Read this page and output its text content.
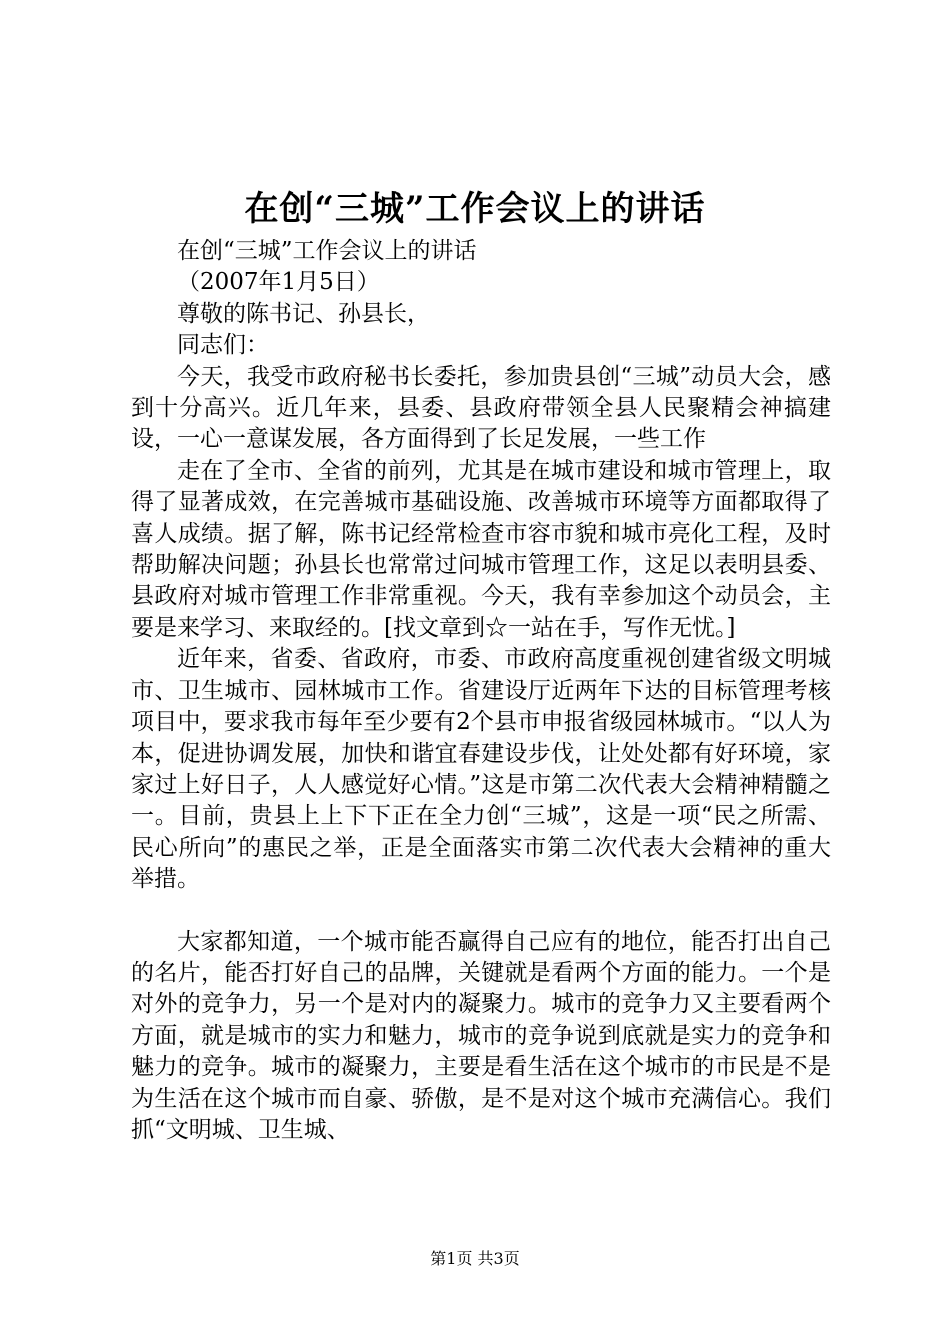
在创“三城”工作会议上的讲话

在创“三城”工作会议上的讲话

（2007年1月5日）

尊敬的陈书记、孙县长，

同志们：

今天，我受市政府秘书长委托，参加贵县创“三城”动员大会，感到十分高兴。近几年来，县委、县政府带领全县人民聚精会神搞建设，一心一意谋发展，各方面得到了长足发展，一些工作

走在了全市、全省的前列，尤其是在城市建设和城市管理上，取得了显著成效，在完善城市基础设施、改善城市环境等方面都取得了喜人成绩。据了解，陈书记经常检查市容市貌和城市亮化工程，及时帮助解决问题；孙县长也常常过问城市管理工作，这足以表明县委、县政府对城市管理工作非常重视。今天，我有幸参加这个动员会，主要是来学习、来取经的。[找文章到☆一站在手，写作无忧。]

近年来，省委、省政府，市委、市政府高度重视创建省级文明城市、卫生城市、园林城市工作。省建设厅近两年下达的目标管理考核项目中，要求我市每年至少要有2个县市申报省级园林城市。“以人为本，促进协调发展，加快和谐宜春建设步伐，让处处都有好环境，家家过上好日子，人人感觉好心情。”这是市第二次代表大会精神精髓之一。目前，贵县上上下下正在全力创“三城”，这是一项“民之所需、民心所向”的惠民之举，正是全面落实市第二次代表大会精神的重大举措。

大家都知道，一个城市能否赢得自己应有的地位，能否打出自己的名片，能否打好自己的品牌，关键就是看两个方面的能力。一个是对外的竞争力，另一个是对内的凝聚力。城市的竞争力又主要看两个方面，就是城市的实力和魅力，城市的竞争说到底就是实力的竞争和魅力的竞争。城市的凝聚力，主要是看生活在这个城市的市民是不是为生活在这个城市而自豪、骄傲，是不是对这个城市充满信心。我们抓“文明城、卫生城、

第1页 共3页
